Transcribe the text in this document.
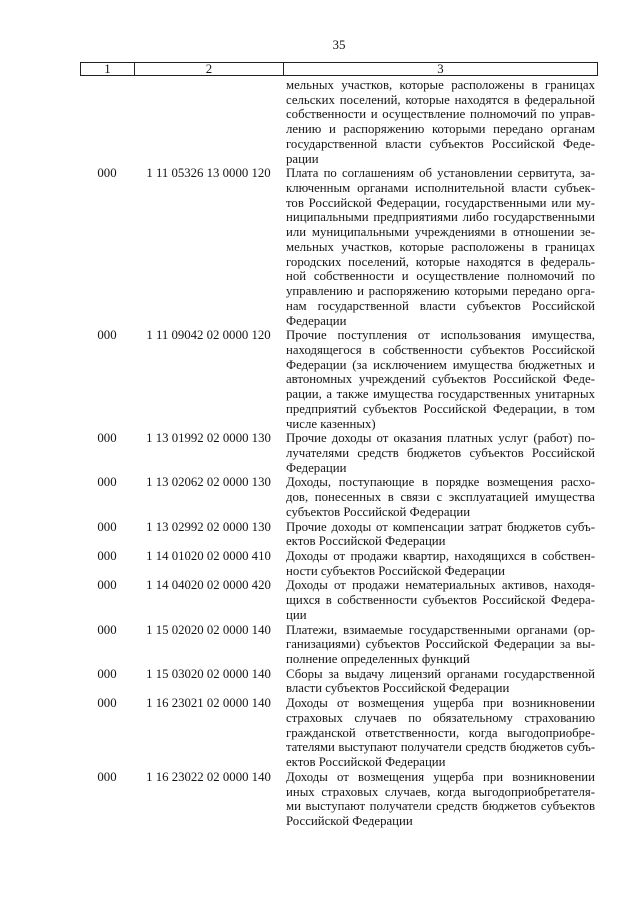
35
1	2	3
мельных участков, которые расположены в границах
сельских поселений, которые находятся в федеральной
собственности и осуществление полномочий по управ-
лению и распоряжению которыми передано органам
государственной власти субъектов Российской Феде-
рации
000	1 11 05326 13 0000 120	Плата по соглашениям об установлении сервитута, за-
ключенным органами исполнительной власти субъек-
тов Российской Федерации, государственными или му-
ниципальными предприятиями либо государственными
или муниципальными учреждениями в отношении зе-
мельных участков, которые расположены в границах
городских поселений, которые находятся в федераль-
ной собственности и осуществление полномочий по
управлению и распоряжению которыми передано орга-
нам государственной власти субъектов Российской
Федерации
000	1 11 09042 02 0000 120	Прочие поступления от использования имущества,
находящегося в собственности субъектов Российской
Федерации (за исключением имущества бюджетных и
автономных учреждений субъектов Российской Феде-
рации, а также имущества государственных унитарных
предприятий субъектов Российской Федерации, в том
числе казенных)
000	1 13 01992 02 0000 130	Прочие доходы от оказания платных услуг (работ) по-
лучателями средств бюджетов субъектов Российской
Федерации
000	1 13 02062 02 0000 130	Доходы, поступающие в порядке возмещения расхо-
дов, понесенных в связи с эксплуатацией имущества
субъектов Российской Федерации
000	1 13 02992 02 0000 130	Прочие доходы от компенсации затрат бюджетов субъ-
ектов Российской Федерации
000	1 14 01020 02 0000 410	Доходы от продажи квартир, находящихся в собствен-
ности субъектов Российской Федерации
000	1 14 04020 02 0000 420	Доходы от продажи нематериальных активов, находя-
щихся в собственности субъектов Российской Федера-
ции
000	1 15 02020 02 0000 140	Платежи, взимаемые государственными органами (ор-
ганизациями) субъектов Российской Федерации за вы-
полнение определенных функций
000	1 15 03020 02 0000 140	Сборы за выдачу лицензий органами государственной
власти субъектов Российской Федерации
000	1 16 23021 02 0000 140	Доходы от возмещения ущерба при возникновении
страховых случаев по обязательному страхованию
гражданской ответственности, когда выгодоприобре-
тателями выступают получатели средств бюджетов субъ-
ектов Российской Федерации
000	1 16 23022 02 0000 140	Доходы от возмещения ущерба при возникновении
иных страховых случаев, когда выгодоприобретателя-
ми выступают получатели средств бюджетов субъектов
Российской Федерации
